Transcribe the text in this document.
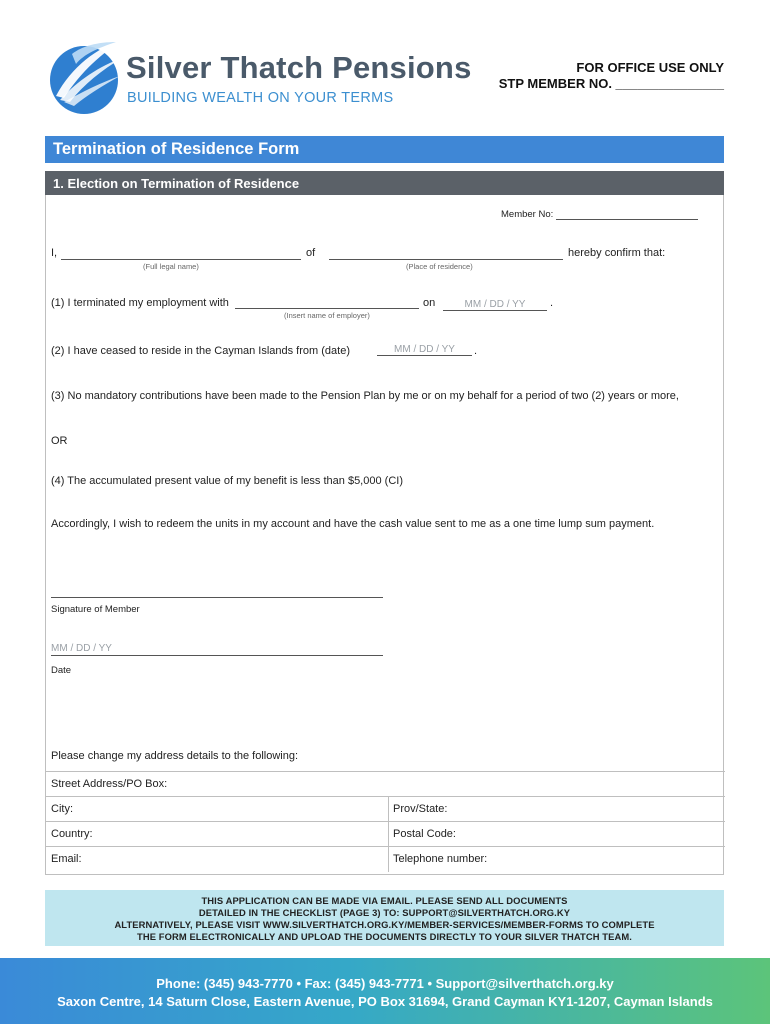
Silver Thatch Pensions
BUILDING WEALTH ON YOUR TERMS
FOR OFFICE USE ONLY
STP MEMBER NO. _______________
Termination of Residence Form
1. Election on Termination of Residence
Member No:
I,	of	hereby confirm that:
(Full legal name)	(Place of residence)
(1) I terminated my employment with	on	MM / DD / YY	.
(Insert name of employer)
(2) I have ceased to reside in the Cayman Islands from (date)	MM / DD / YY	.
(3) No mandatory contributions have been made to the Pension Plan by me or on my behalf for a period of two (2) years or more,
OR
(4) The accumulated present value of my benefit is less than $5,000 (CI)
Accordingly, I wish to redeem the units in my account and have the cash value sent to me as a one time lump sum payment.
Signature of Member
MM / DD / YY
Date
Please change my address details to the following:
Street Address/PO Box:
City:	Prov/State:
Country:	Postal Code:
Email:	Telephone number:
THIS APPLICATION CAN BE MADE VIA EMAIL. PLEASE SEND ALL DOCUMENTS
DETAILED IN THE CHECKLIST (PAGE 3) TO: SUPPORT@SILVERTHATCH.ORG.KY
ALTERNATIVELY, PLEASE VISIT WWW.SILVERTHATCH.ORG.KY/MEMBER-SERVICES/MEMBER-FORMS TO COMPLETE
THE FORM ELECTRONICALLY AND UPLOAD THE DOCUMENTS DIRECTLY TO YOUR SILVER THATCH TEAM.
Phone: (345) 943-7770 • Fax: (345) 943-7771 • Support@silverthatch.org.ky
Saxon Centre, 14 Saturn Close, Eastern Avenue, PO Box 31694, Grand Cayman KY1-1207, Cayman Islands
